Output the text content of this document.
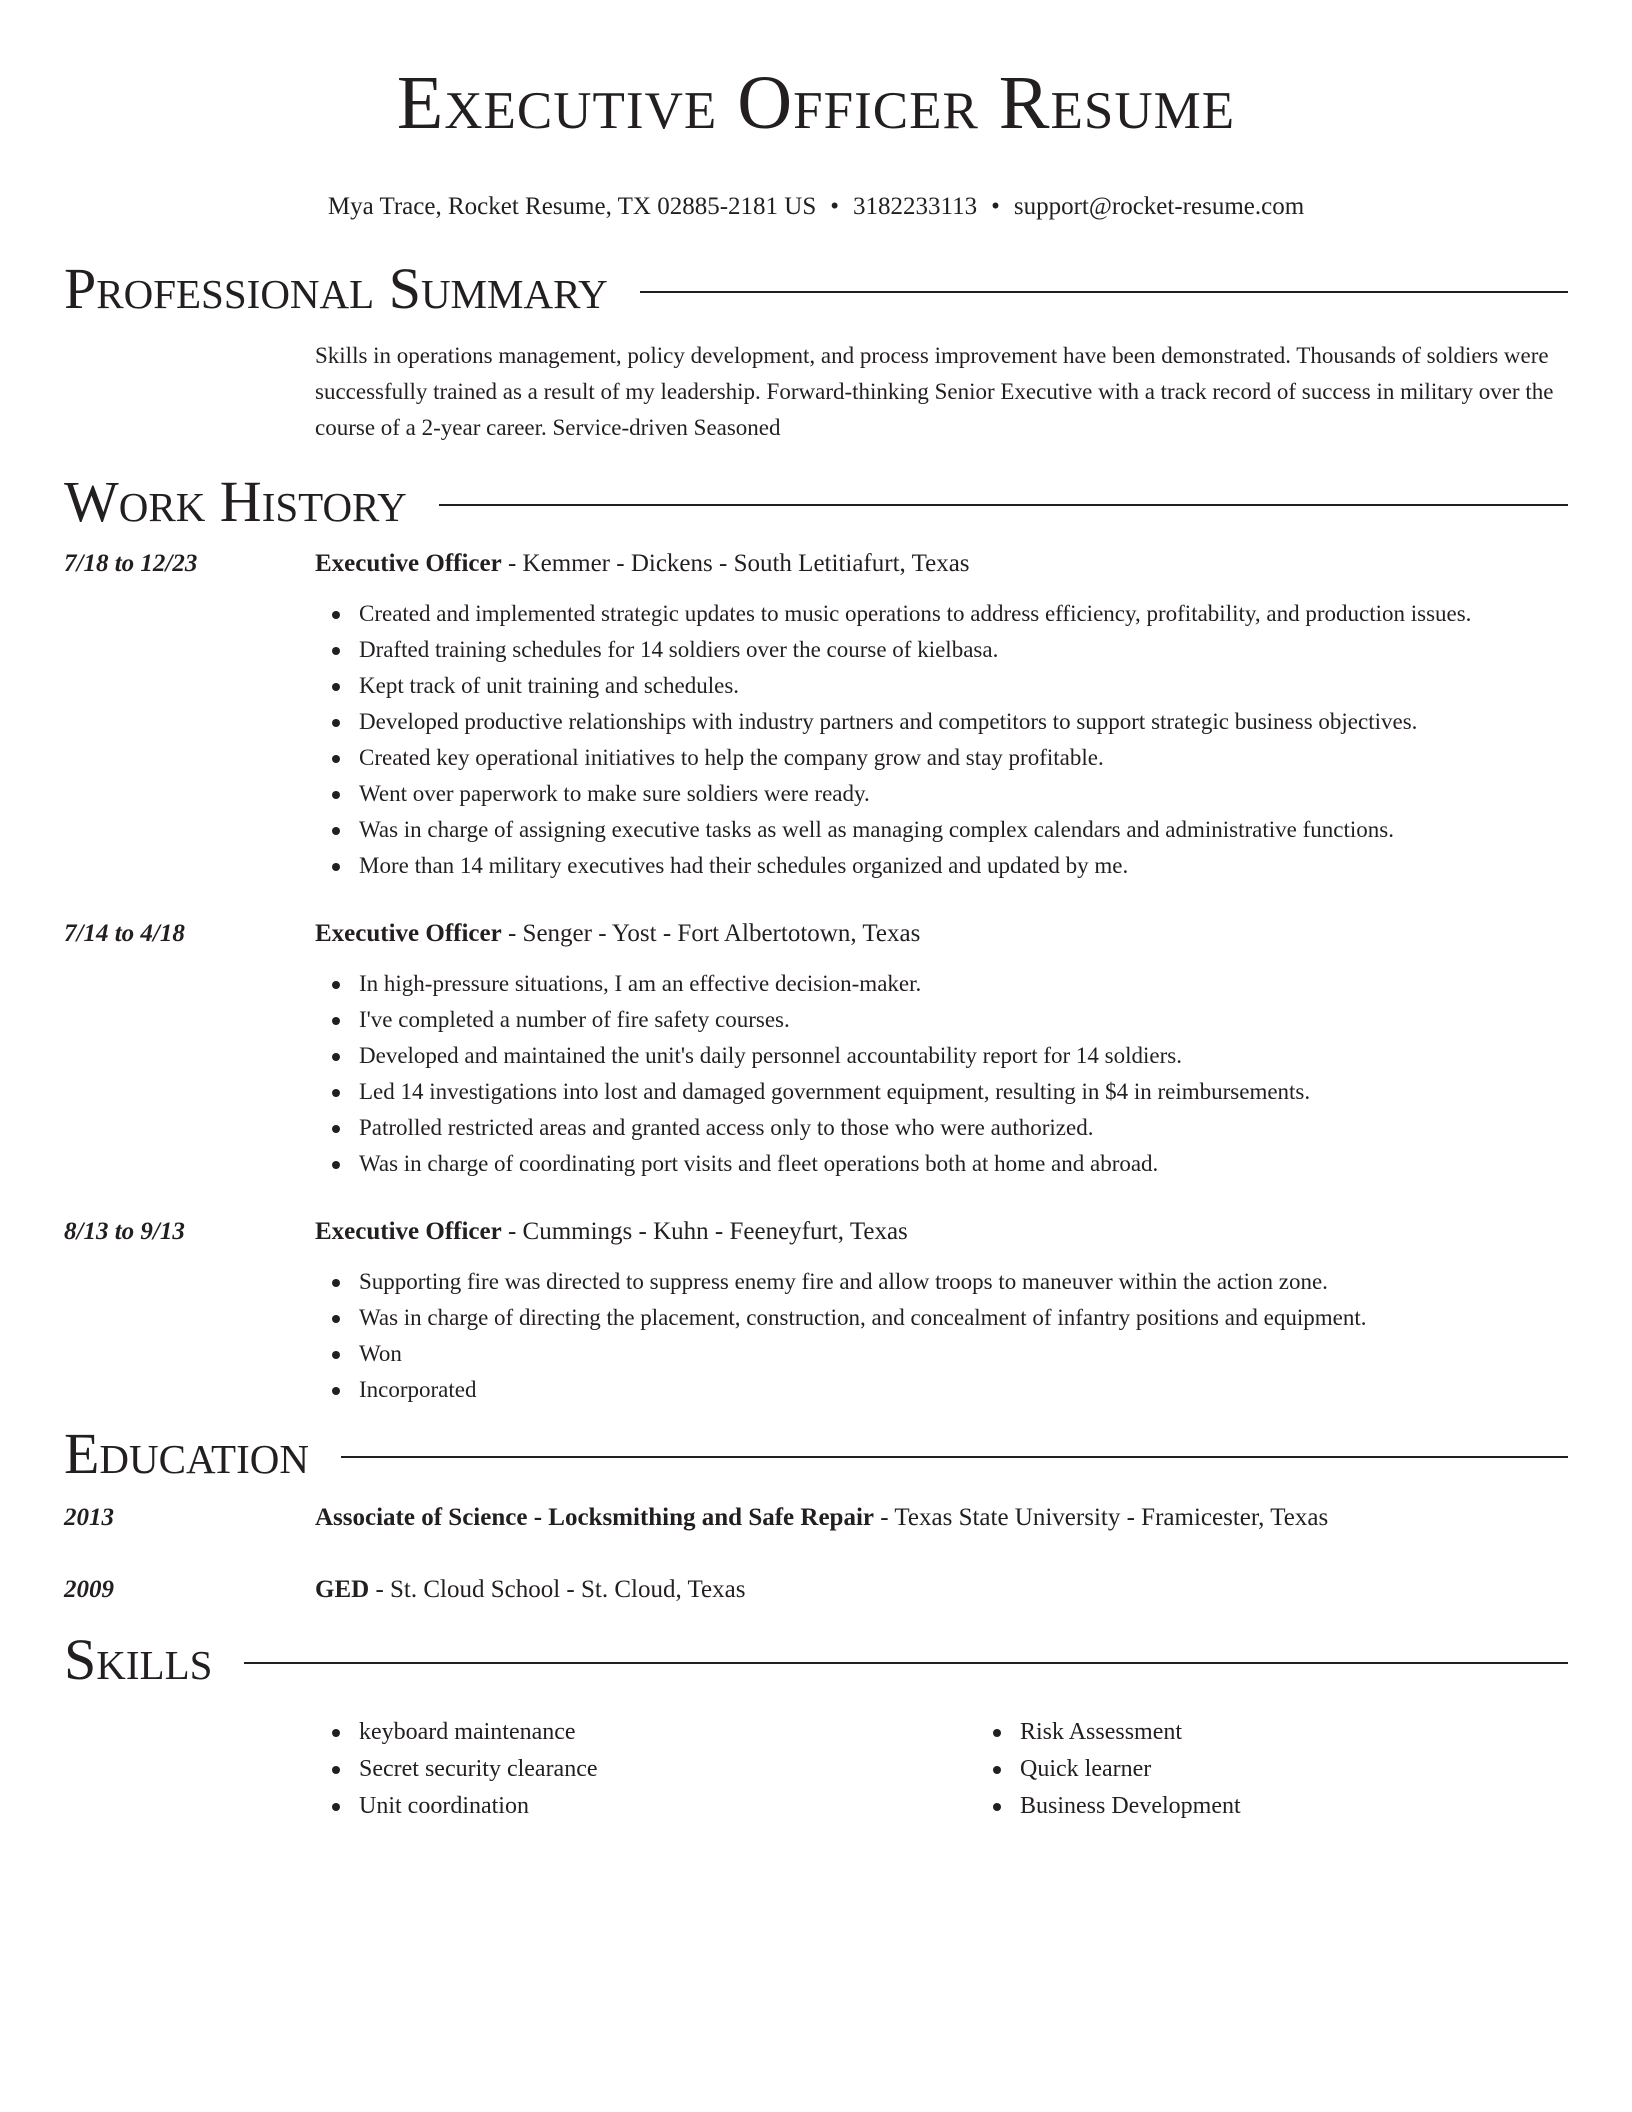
Executive Officer Resume
Mya Trace, Rocket Resume, TX 02885-2181 US • 3182233113 • support@rocket-resume.com
Professional Summary
Skills in operations management, policy development, and process improvement have been demonstrated. Thousands of soldiers were successfully trained as a result of my leadership. Forward-thinking Senior Executive with a track record of success in military over the course of a 2-year career. Service-driven Seasoned
Work History
7/18 to 12/23	Executive Officer - Kemmer - Dickens - South Letitiafurt, Texas
Created and implemented strategic updates to music operations to address efficiency, profitability, and production issues.
Drafted training schedules for 14 soldiers over the course of kielbasa.
Kept track of unit training and schedules.
Developed productive relationships with industry partners and competitors to support strategic business objectives.
Created key operational initiatives to help the company grow and stay profitable.
Went over paperwork to make sure soldiers were ready.
Was in charge of assigning executive tasks as well as managing complex calendars and administrative functions.
More than 14 military executives had their schedules organized and updated by me.
7/14 to 4/18	Executive Officer - Senger - Yost - Fort Albertotown, Texas
In high-pressure situations, I am an effective decision-maker.
I've completed a number of fire safety courses.
Developed and maintained the unit's daily personnel accountability report for 14 soldiers.
Led 14 investigations into lost and damaged government equipment, resulting in $4 in reimbursements.
Patrolled restricted areas and granted access only to those who were authorized.
Was in charge of coordinating port visits and fleet operations both at home and abroad.
8/13 to 9/13	Executive Officer - Cummings - Kuhn - Feeneyfurt, Texas
Supporting fire was directed to suppress enemy fire and allow troops to maneuver within the action zone.
Was in charge of directing the placement, construction, and concealment of infantry positions and equipment.
Won
Incorporated
Education
2013	Associate of Science - Locksmithing and Safe Repair - Texas State University - Framicester, Texas
2009	GED - St. Cloud School - St. Cloud, Texas
Skills
keyboard maintenance
Secret security clearance
Unit coordination
Risk Assessment
Quick learner
Business Development
